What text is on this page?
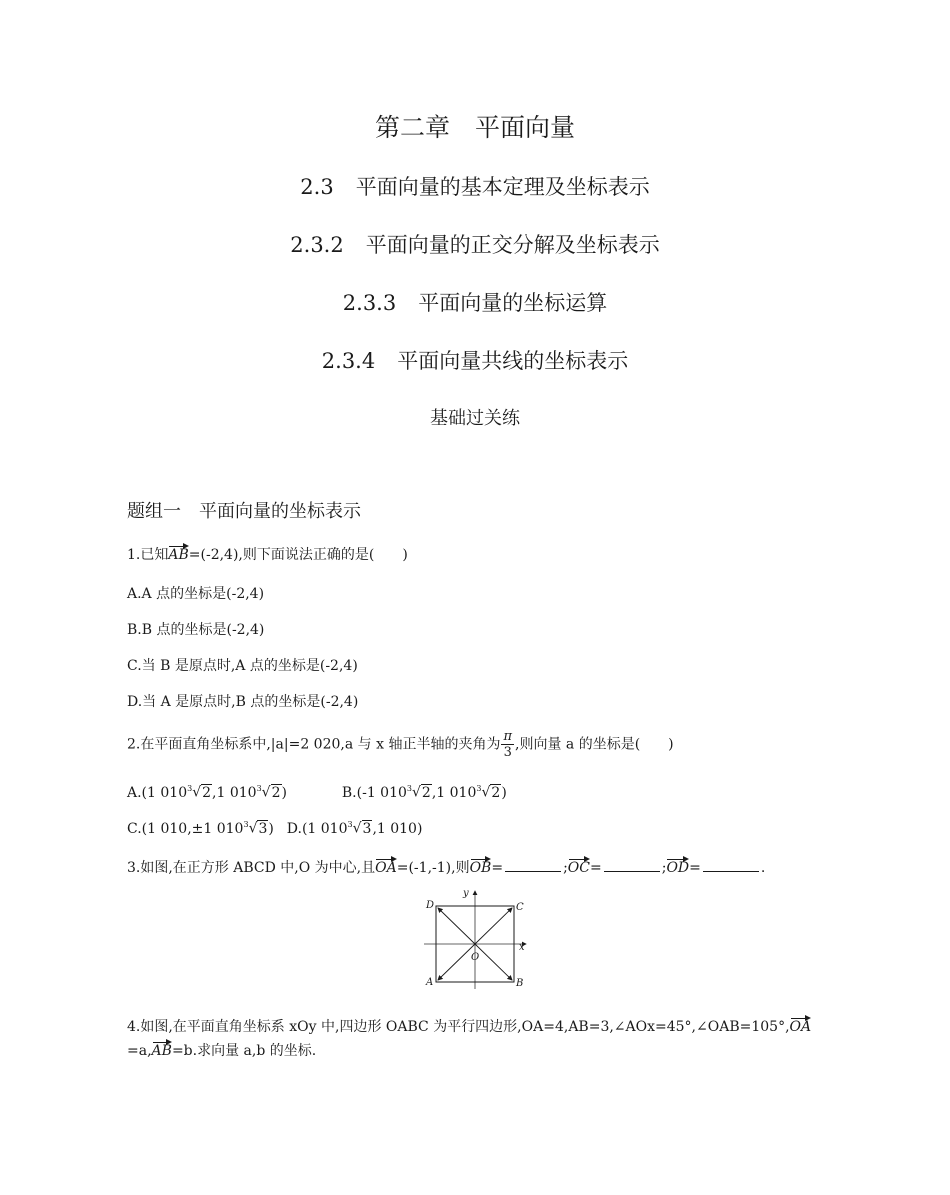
第二章　平面向量
2.3 平面向量的基本定理及坐标表示
2.3.2 平面向量的正交分解及坐标表示
2.3.3 平面向量的坐标运算
2.3.4 平面向量共线的坐标表示
基础过关练
题组一 平面向量的坐标表示
1.已知AB=(-2,4),则下面说法正确的是( )
A.A 点的坐标是(-2,4)
B.B 点的坐标是(-2,4)
C.当 B 是原点时,A 点的坐标是(-2,4)
D.当 A 是原点时,B 点的坐标是(-2,4)
2.在平面直角坐标系中,|a|=2 020,a 与 x 轴正半轴的夹角为 $\frac{\pi}{3}$ ,则向量 a 的坐标是( )
A.(1 $010^3√2,1$ $010^3√2$)	B.(-1 $010^3√2,1$ $010^3√2$)
C.(1 010,±1 $010^3√3$) D.(1 $010^3√3,1$ 010)
3.如图,在正方形 ABCD 中,O 为中心,且OA=(-1,-1),则OB=	;OC=	;OD=	.
D	C
A	B
O
x
y
4.如图,在平面直角坐标系 xOy 中,四边形 OABC 为平行四边形,OA=4,AB=3,∠AOx=45°,∠OAB=105°,OA
=a,AB=b.求向量 a,b 的坐标.
